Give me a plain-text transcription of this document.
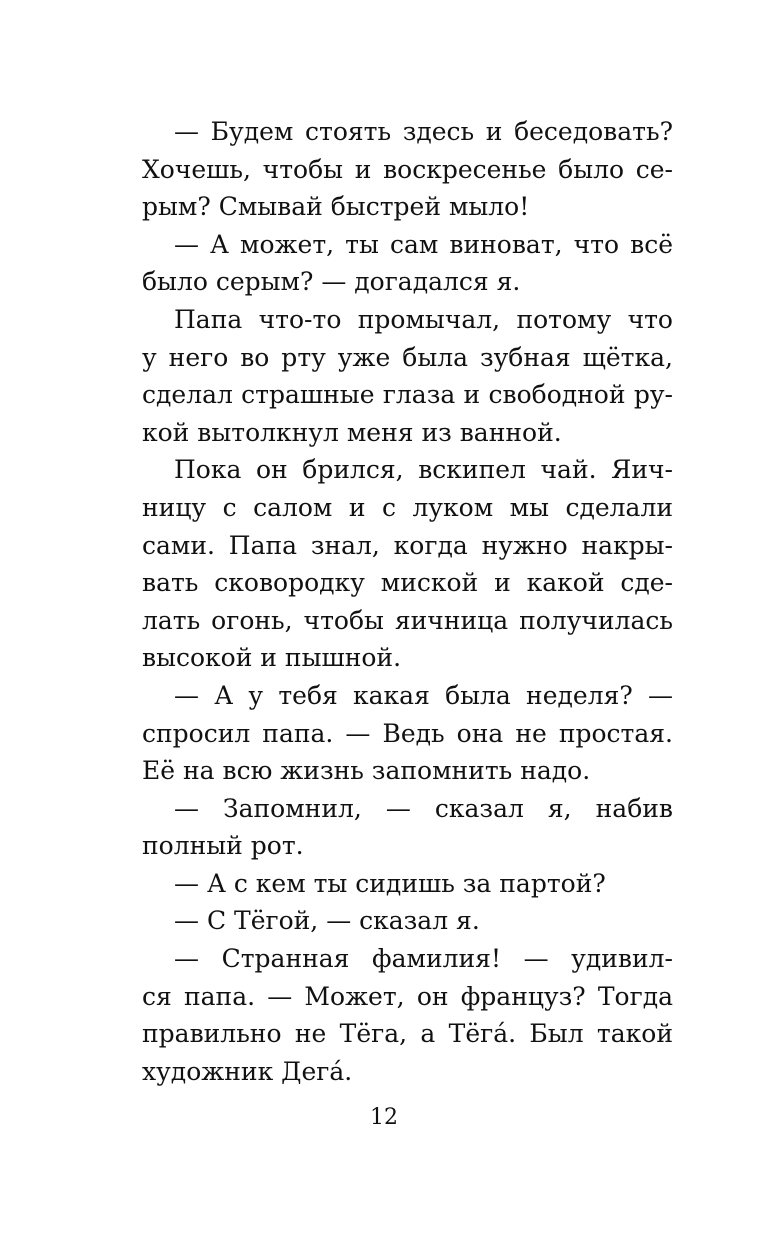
— Будем стоять здесь и беседовать?
Хочешь, чтобы и воскресенье было се-
рым? Смывай быстрей мыло!
— А может, ты сам виноват, что всё
было серым? — догадался я.
Папа что-то промычал, потому что
у него во рту уже была зубная щётка,
сделал страшные глаза и свободной ру-
кой вытолкнул меня из ванной.
Пока он брился, вскипел чай. Яич-
ницу с салом и с луком мы сделали
сами. Папа знал, когда нужно накры-
вать сковородку миской и какой сде-
лать огонь, чтобы яичница получилась
высокой и пышной.
— А у тебя какая была неделя? —
спросил папа. — Ведь она не простая.
Её на всю жизнь запомнить надо.
— Запомнил, — сказал я, набив
полный рот.
— А с кем ты сидишь за партой?
— С Тёгой, — сказал я.
— Странная фамилия! — удивил-
ся папа. — Может, он француз? Тогда
правильно не Тёга, а Тёгá. Был такой
художник Дегá.
12
